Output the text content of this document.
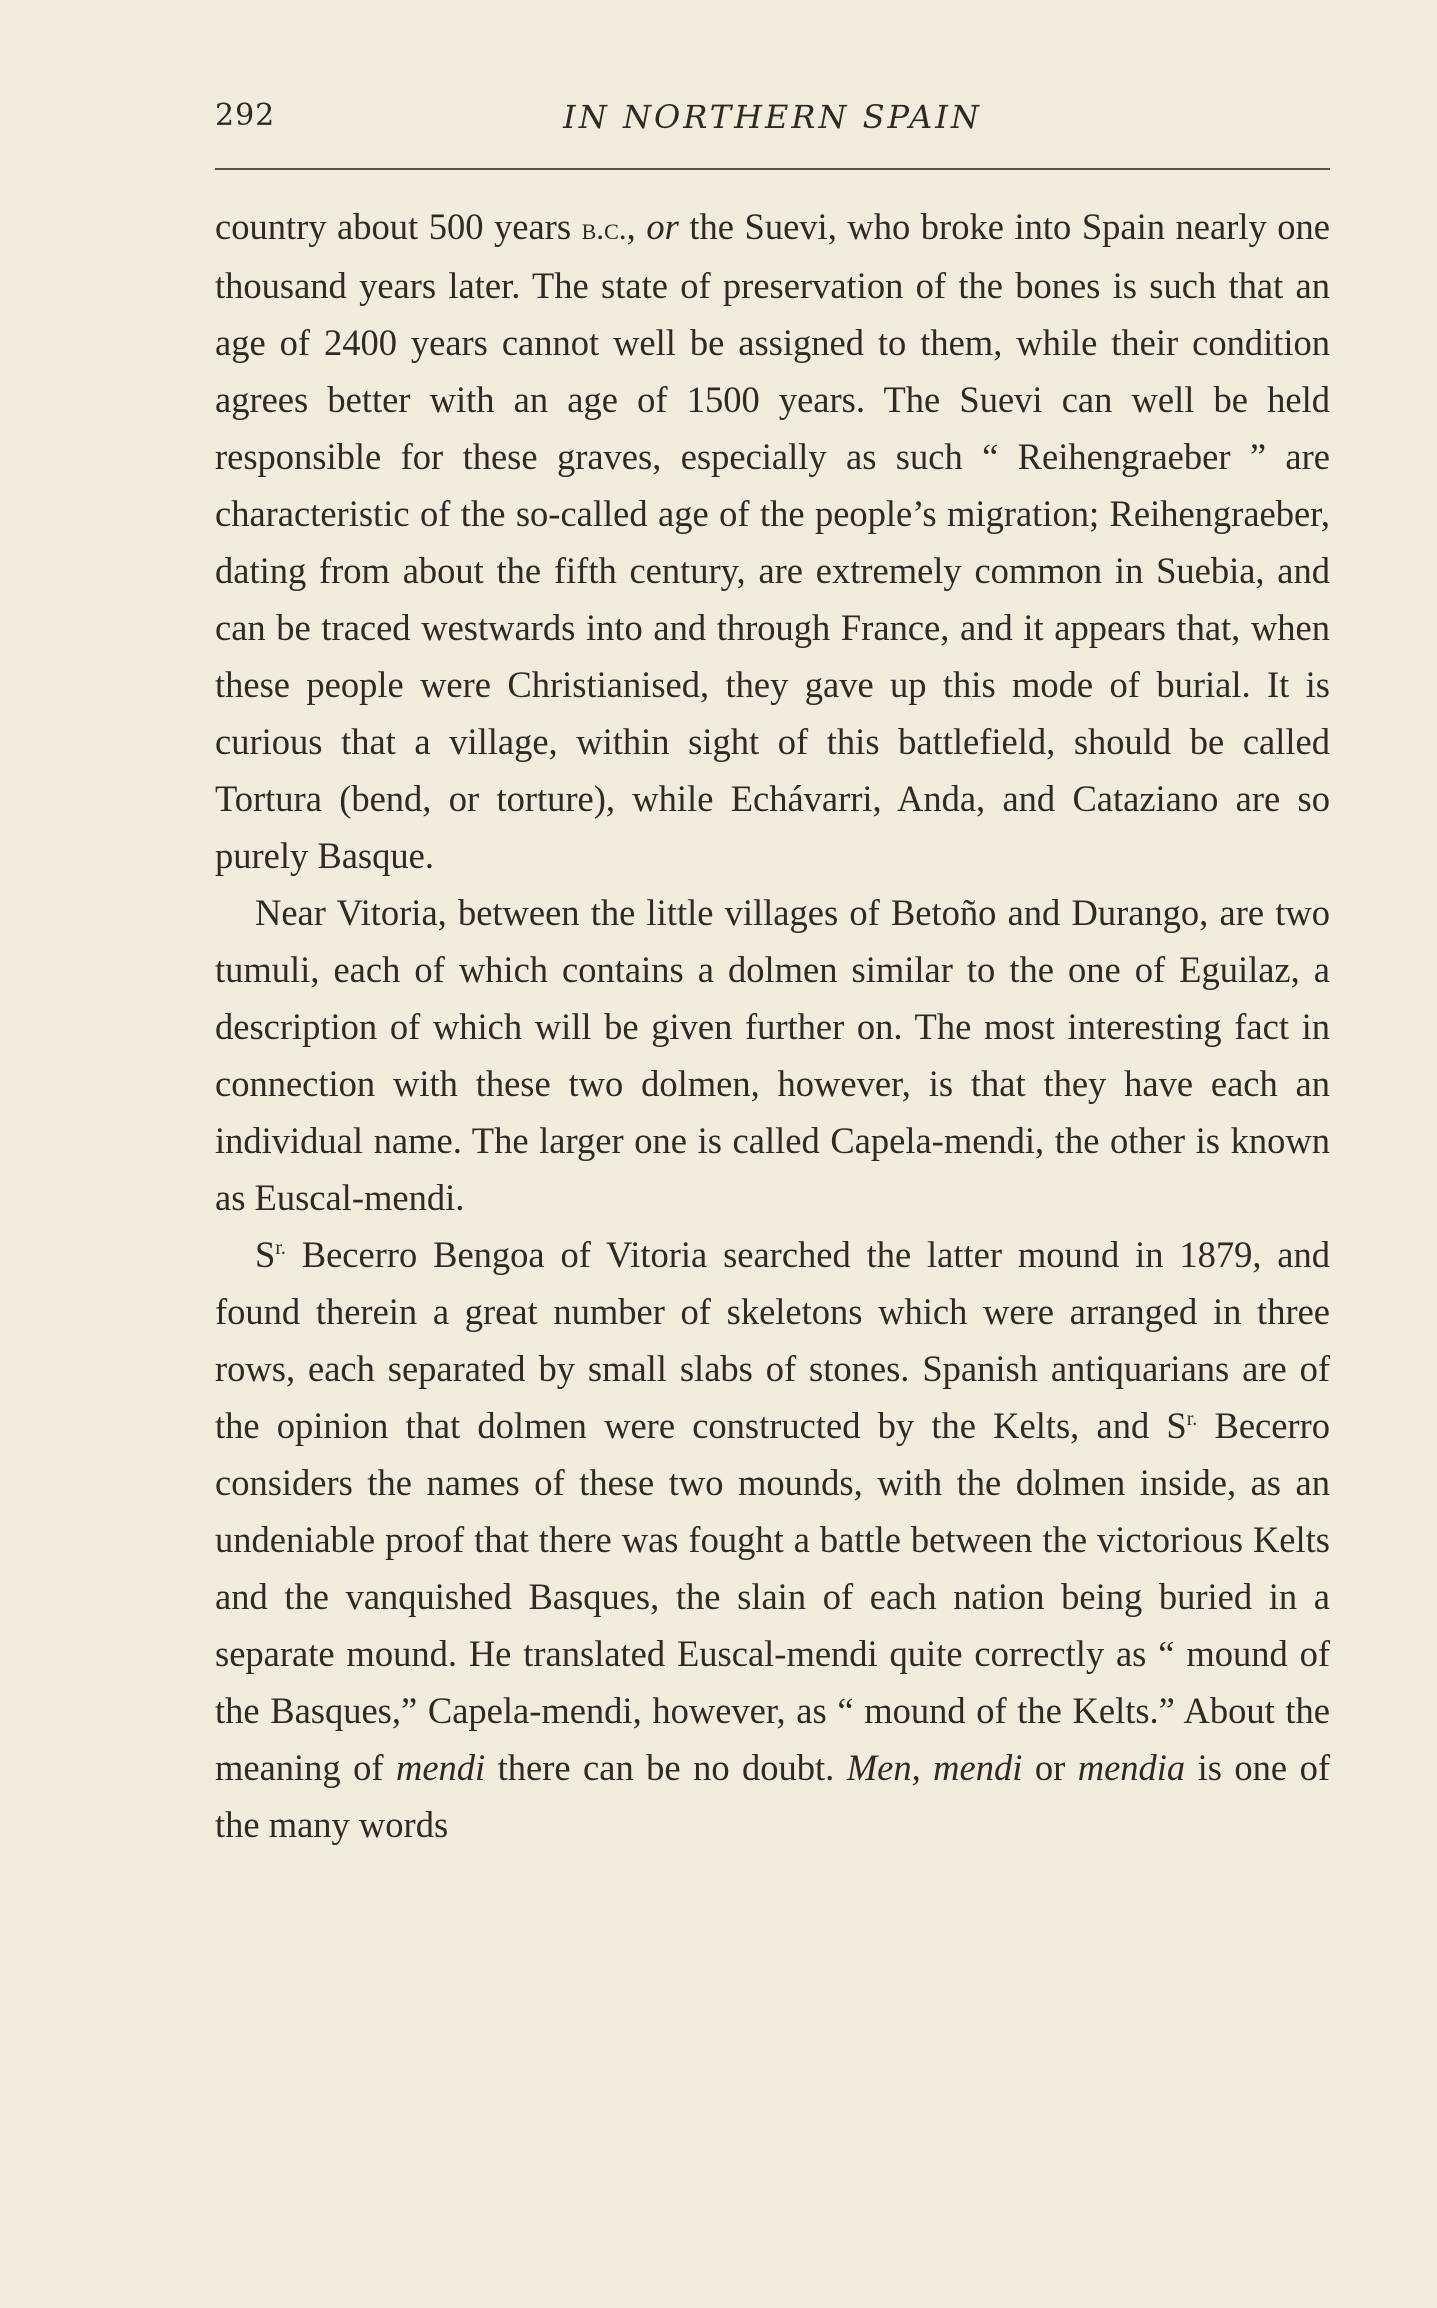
292	IN NORTHERN SPAIN

country about 500 years b.c., or the Suevi, who broke into Spain nearly one thousand years later. The state of preservation of the bones is such that an age of 2400 years cannot well be assigned to them, while their condition agrees better with an age of 1500 years. The Suevi can well be held responsible for these graves, especially as such “ Reihengraeber ” are characteristic of the so-called age of the people’s migration; Reihengraeber, dating from about the fifth century, are extremely common in Suebia, and can be traced westwards into and through France, and it appears that, when these people were Christianised, they gave up this mode of burial. It is curious that a village, within sight of this battlefield, should be called Tortura (bend, or torture), while Echávarri, Anda, and Cataziano are so purely Basque.

Near Vitoria, between the little villages of Betoño and Durango, are two tumuli, each of which contains a dolmen similar to the one of Eguilaz, a description of which will be given further on. The most interesting fact in connection with these two dolmen, however, is that they have each an individual name. The larger one is called Capela-mendi, the other is known as Euscal-mendi.

$S^{r.}$ Becerro Bengoa of Vitoria searched the latter mound in 1879, and found therein a great number of skeletons which were arranged in three rows, each separated by small slabs of stones. Spanish antiquarians are of the opinion that dolmen were constructed by the Kelts, and $S^{r.}$ Becerro considers the names of these two mounds, with the dolmen inside, as an undeniable proof that there was fought a battle between the victorious Kelts and the vanquished Basques, the slain of each nation being buried in a separate mound. He translated Euscal-mendi quite correctly as “ mound of the Basques,” Capela-mendi, however, as “ mound of the Kelts.” About the meaning of mendi there can be no doubt. Men, mendi or mendia is one of the many words
